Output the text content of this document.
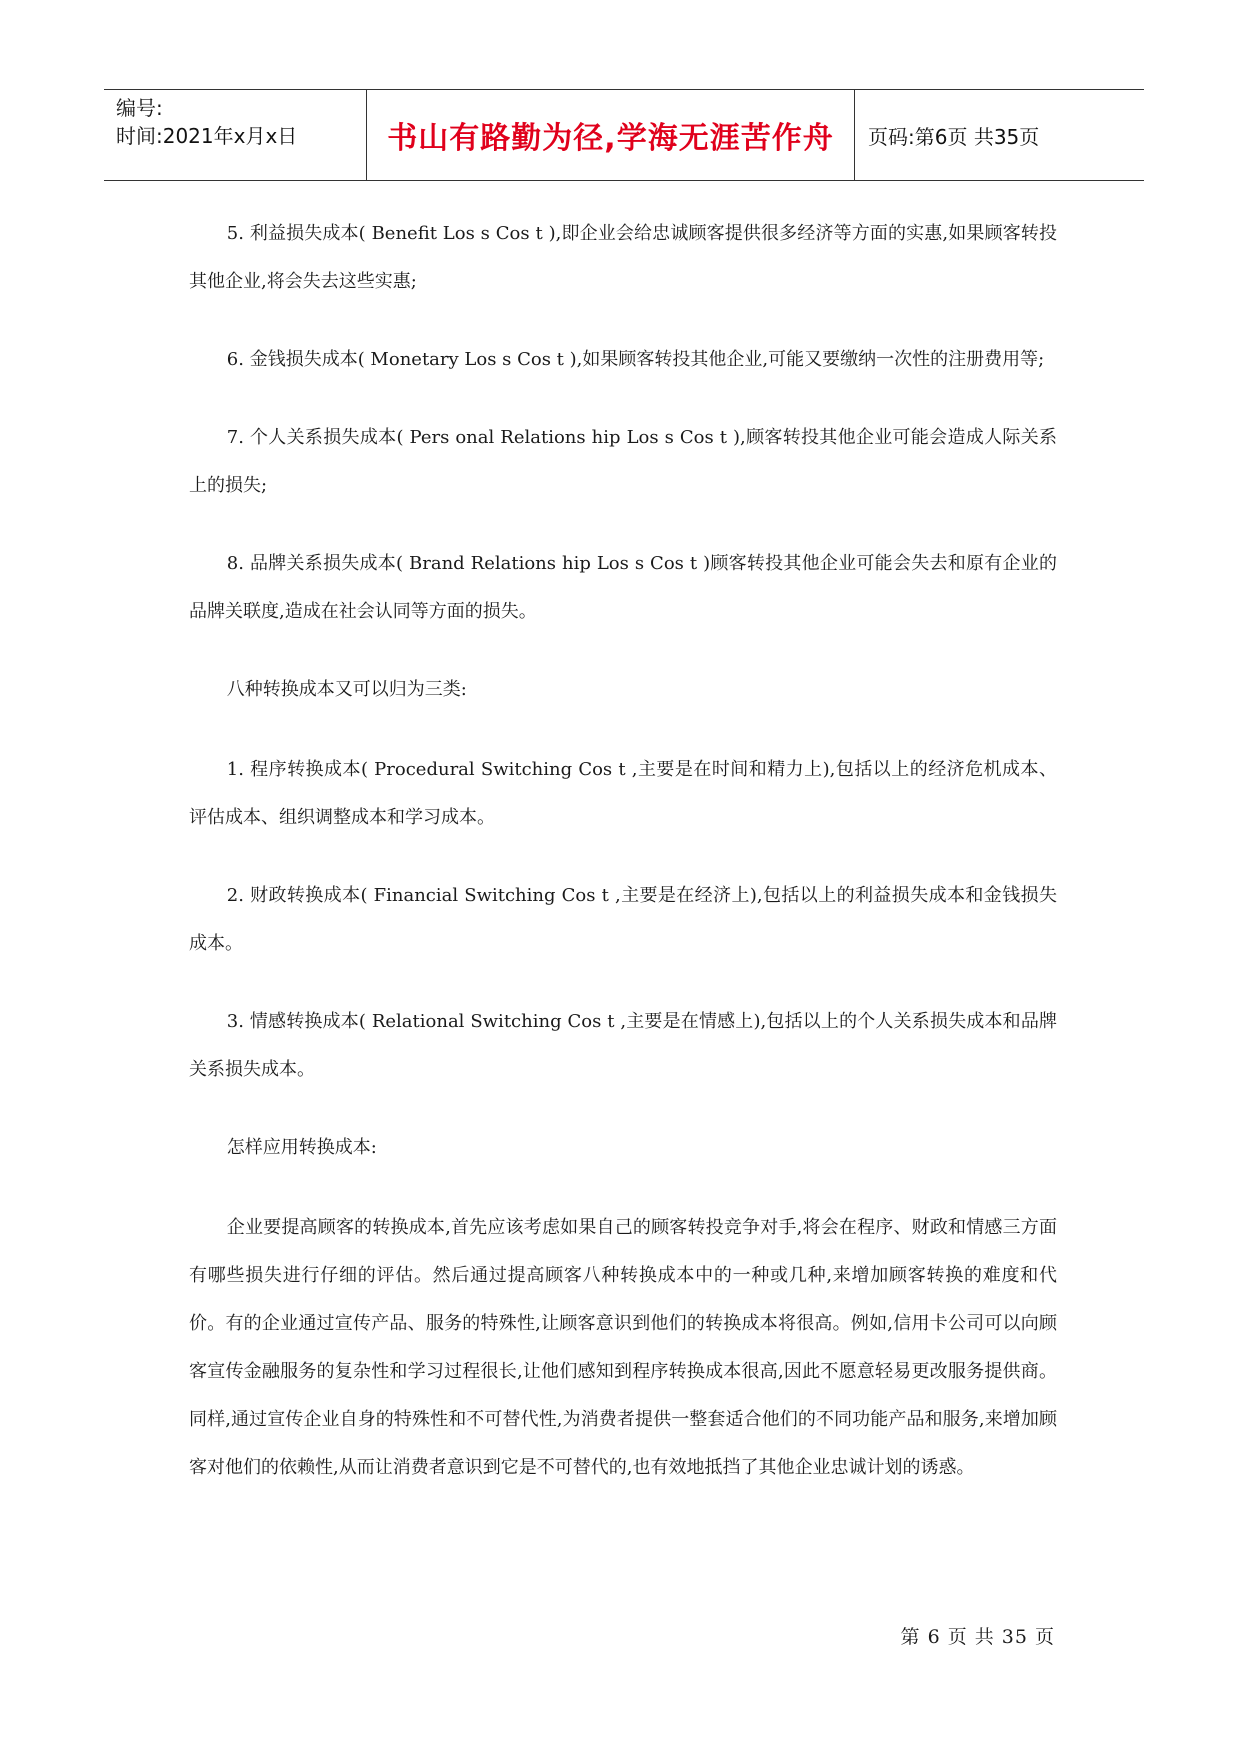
编号:
时间:2021年x月x日	书山有路勤为径,学海无涯苦作舟	页码:第6页 共35页

5. 利益损失成本( Benefit Los s Cos t ),即企业会给忠诚顾客提供很多经济等方面的实惠,如果顾客转投其他企业,将会失去这些实惠;

6. 金钱损失成本( Monetary Los s Cos t ),如果顾客转投其他企业,可能又要缴纳一次性的注册费用等;

7. 个人关系损失成本( Pers onal Relations hip Los s Cos t ),顾客转投其他企业可能会造成人际关系上的损失;

8. 品牌关系损失成本( Brand Relations hip Los s Cos t )顾客转投其他企业可能会失去和原有企业的品牌关联度,造成在社会认同等方面的损失。

八种转换成本又可以归为三类:

1. 程序转换成本( Procedural Switching Cos t ,主要是在时间和精力上),包括以上的经济危机成本、评估成本、组织调整成本和学习成本。

2. 财政转换成本( Financial Switching Cos t ,主要是在经济上),包括以上的利益损失成本和金钱损失成本。

3. 情感转换成本( Relational Switching Cos t ,主要是在情感上),包括以上的个人关系损失成本和品牌关系损失成本。

怎样应用转换成本:

企业要提高顾客的转换成本,首先应该考虑如果自己的顾客转投竞争对手,将会在程序、财政和情感三方面有哪些损失进行仔细的评估。然后通过提高顾客八种转换成本中的一种或几种,来增加顾客转换的难度和代价。有的企业通过宣传产品、服务的特殊性,让顾客意识到他们的转换成本将很高。例如,信用卡公司可以向顾客宣传金融服务的复杂性和学习过程很长,让他们感知到程序转换成本很高,因此不愿意轻易更改服务提供商。同样,通过宣传企业自身的特殊性和不可替代性,为消费者提供一整套适合他们的不同功能产品和服务,来增加顾客对他们的依赖性,从而让消费者意识到它是不可替代的,也有效地抵挡了其他企业忠诚计划的诱惑。

第 6 页 共 35 页
